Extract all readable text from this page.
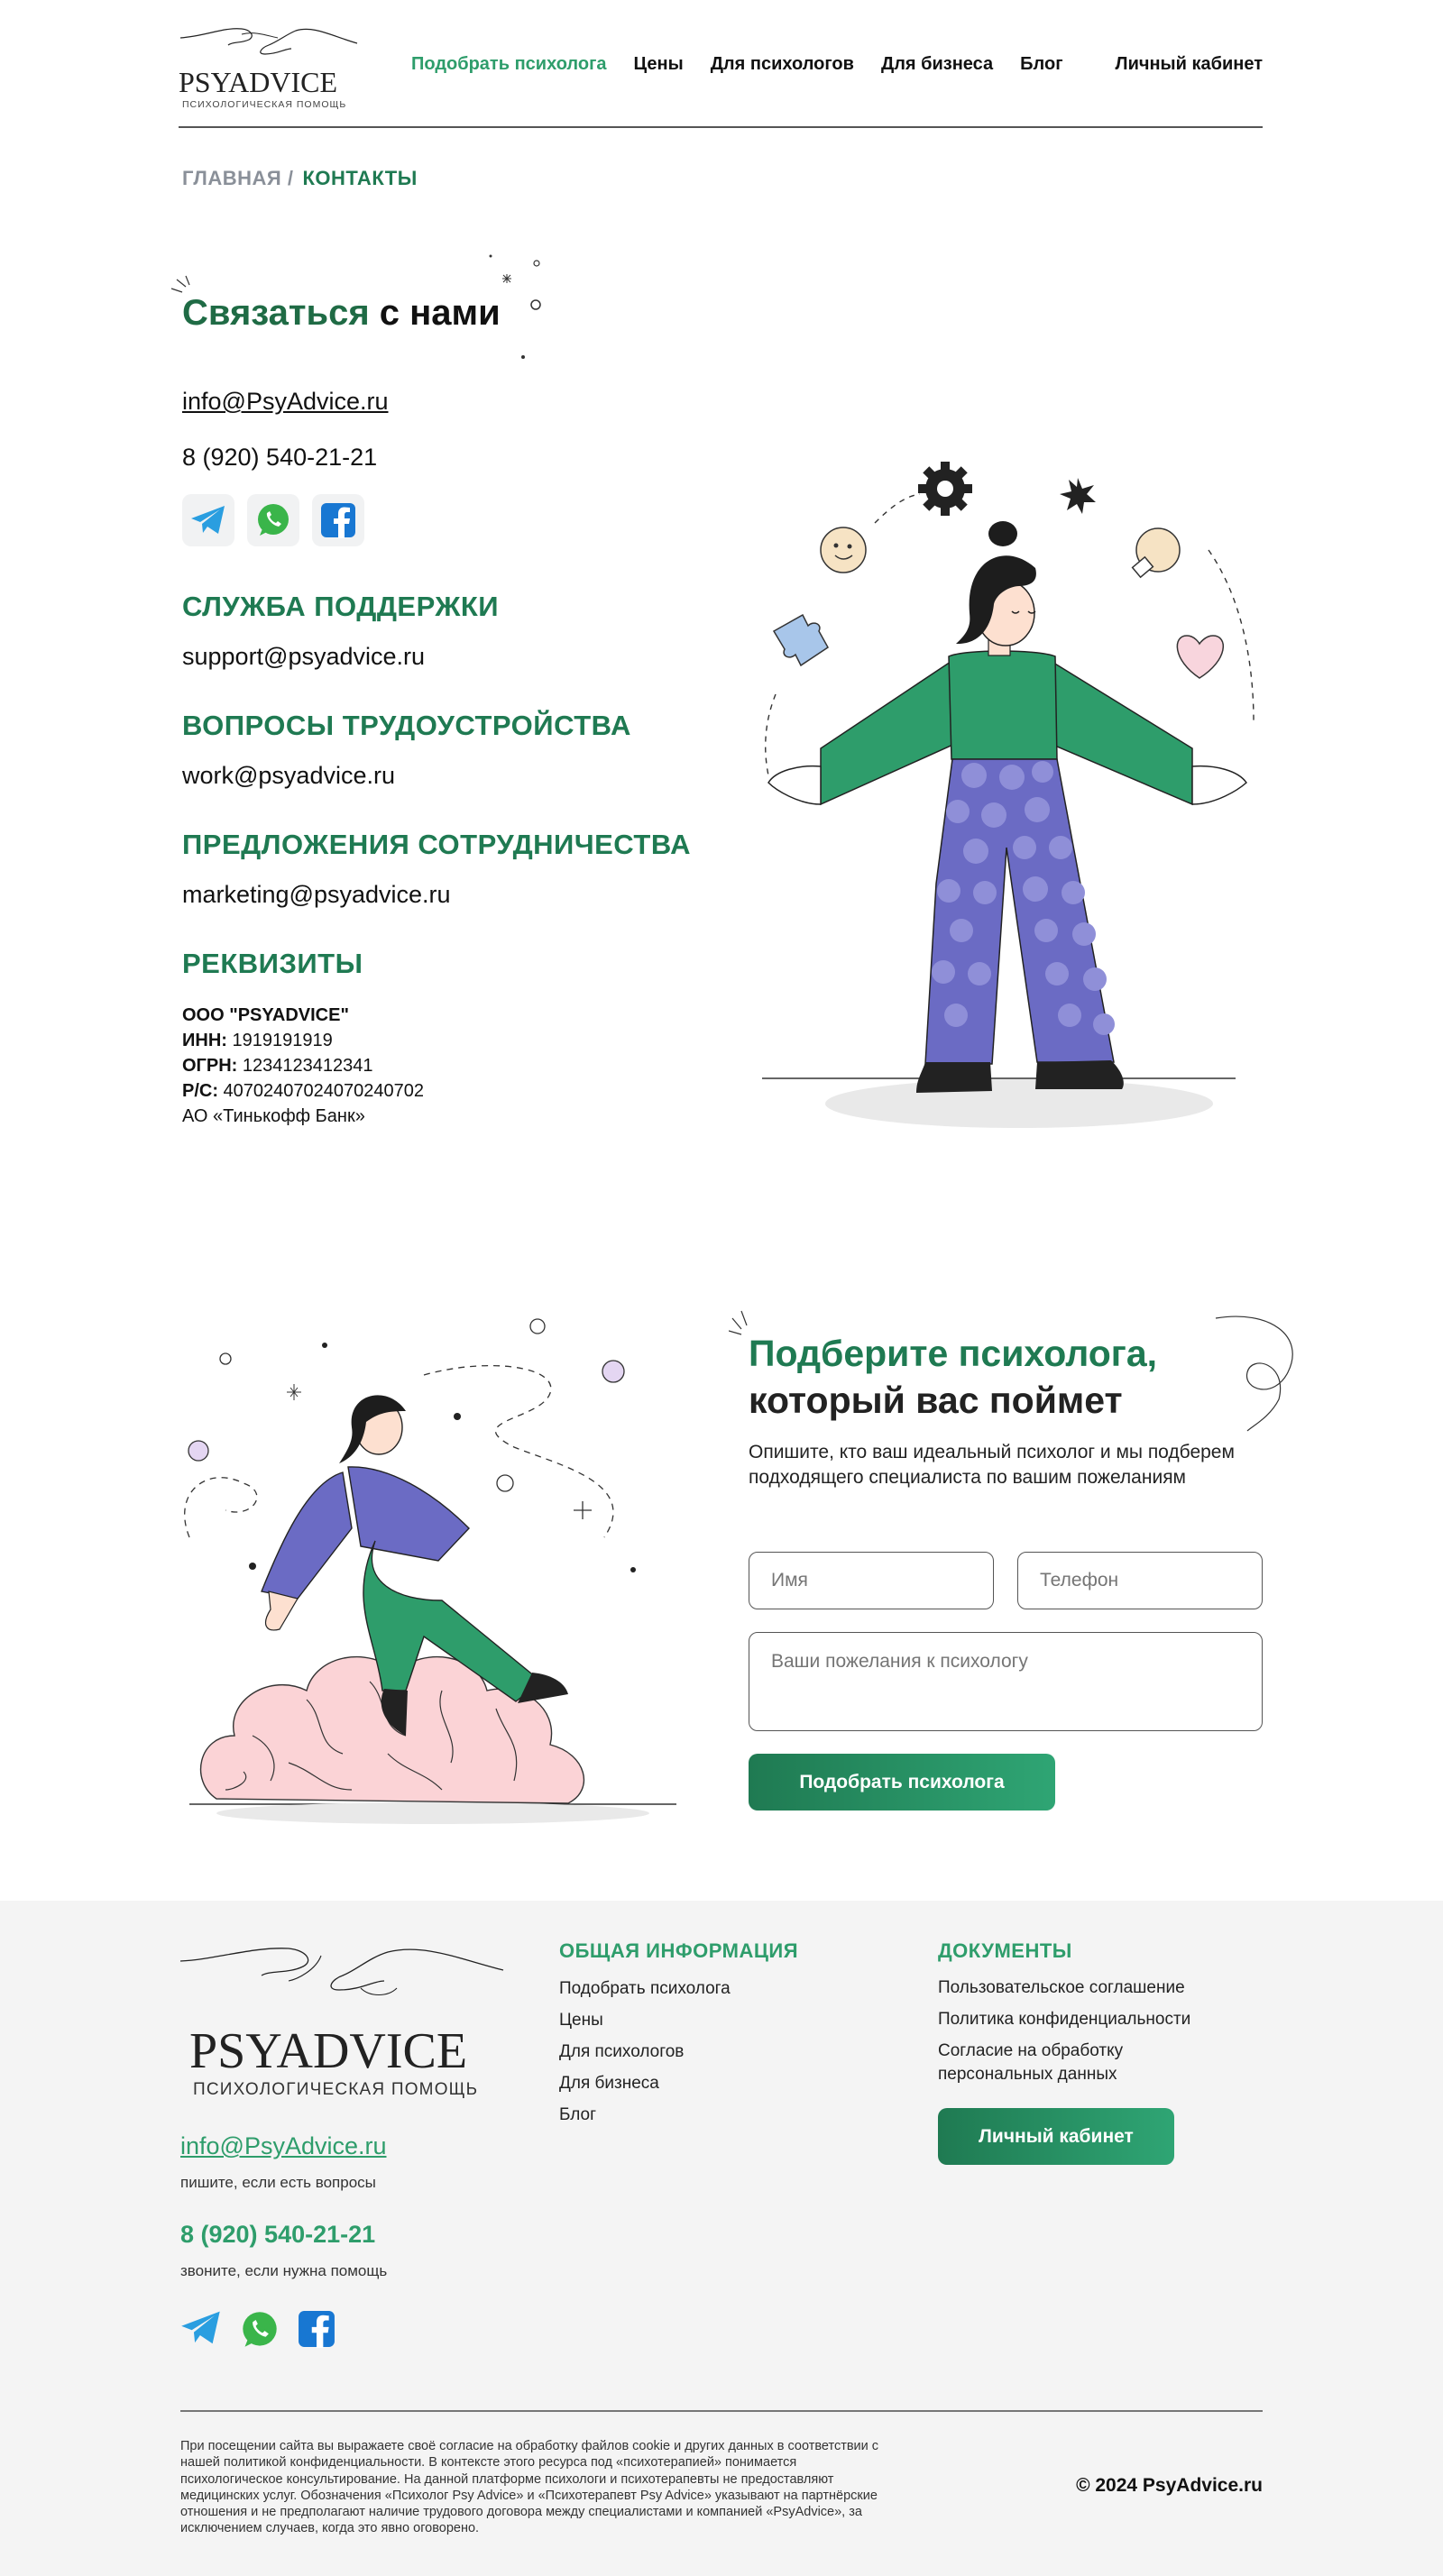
PSYADVICE
ПСИХОЛОГИЧЕСКАЯ ПОМОЩЬ
Подобрать психолога Цены Для психологов Для бизнеса Блог	Личный кабинет
ГЛАВНАЯ / КОНТАКТЫ
Связаться с нами
info@PsyAdvice.ru
8 (920) 540-21-21
СЛУЖБА ПОДДЕРЖКИ
support@psyadvice.ru
ВОПРОСЫ ТРУДОУСТРОЙСТВА
work@psyadvice.ru
ПРЕДЛОЖЕНИЯ СОТРУДНИЧЕСТВА
marketing@psyadvice.ru
РЕКВИЗИТЫ
ООО "PSYADVICE"
ИНН: 1919191919
ОГРН: 1234123412341
Р/С: 40702407024070240702
АО «Тинькофф Банк»
Подберите психолога,
который вас поймет

Опишите, кто ваш идеальный психолог и мы подберем подходящего специалиста по вашим пожеланиям

Имя
Телефон
Ваши пожелания к психологу
Подобрать психолога
PSYADVICE
ПСИХОЛОГИЧЕСКАЯ ПОМОЩЬ
info@PsyAdvice.ru
пишите, если есть вопросы
8 (920) 540-21-21
звоните, если нужна помощь
ОБЩАЯ ИНФОРМАЦИЯ
Подобрать психолога
Цены
Для психологов
Для бизнеса
Блог
ДОКУМЕНТЫ
Пользовательское соглашение
Политика конфиденциальности
Согласие на обработку персональных данных
Личный кабинет

При посещении сайта вы выражаете своё согласие на обработку файлов cookie и других данных в соответствии с нашей политикой конфиденциальности. В контексте этого ресурса под «психотерапией» понимается психологическое консультирование. На данной платформе психологи и психотерапевты не предоставляют медицинских услуг. Обозначения «Психолог Psy Advice» и «Психотерапевт Psy Advice» указывают на партнёрские отношения и не предполагают наличие трудового договора между специалистами и компанией «PsyAdvice», за исключением случаев, когда это явно оговорено.

© 2024 PsyAdvice.ru
